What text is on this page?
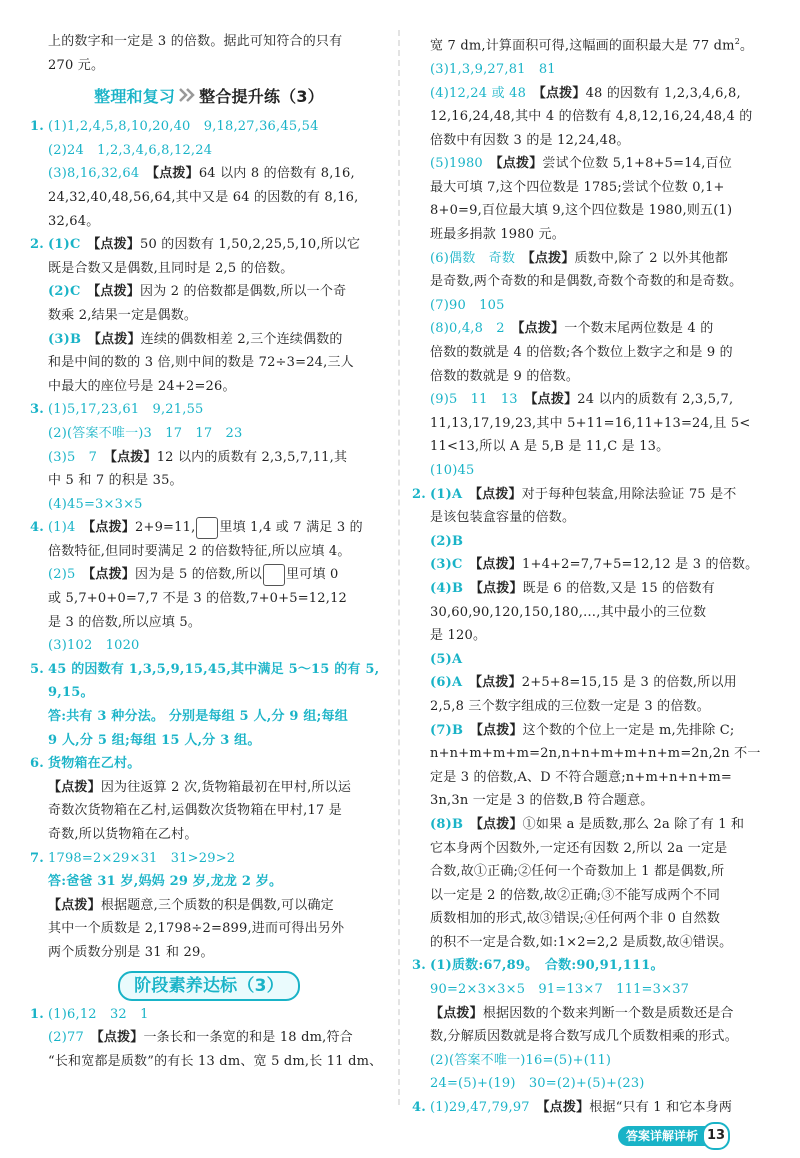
上的数字和一定是 3 的倍数。据此可知符合的只有
270 元。
整理和复习 整合提升练（3）
1. (1)1,2,4,5,8,10,20,40　9,18,27,36,45,54
(2)24　1,2,3,4,6,8,12,24
(3)8,16,32,64　 【点拨】64 以内 8 的倍数有 8,16,
24,32,40,48,56,64,其中又是 64 的因数的有 8,16,
32,64。
2. (1)C　 【点拨】50 的因数有 1,50,2,25,5,10,所以它
既是合数又是偶数,且同时是 2,5 的倍数。
(2)C　 【点拨】因为 2 的倍数都是偶数,所以一个奇
数乘 2,结果一定是偶数。
(3)B　 【点拨】连续的偶数相差 2,三个连续偶数的
和是中间的数的 3 倍,则中间的数是 72÷3=24,三人
中最大的座位号是 24+2=26。
3. (1)5,17,23,61　9,21,55
(2)(答案不唯一)3　17　17　23
(3)5　7　 【点拨】12 以内的质数有 2,3,5,7,11,其
中 5 和 7 的积是 35。
(4)45=3×3×5
4. (1)4　 【点拨】2+9=11, 里填 1,4 或 7 满足 3 的
倍数特征,但同时要满足 2 的倍数特征,所以应填 4。
(2)5　 【点拨】因为是 5 的倍数,所以 里可填 0
或 5,7+0+0=7,7 不是 3 的倍数,7+0+5=12,12
是 3 的倍数,所以应填 5。
(3)102　1020
5. 45 的因数有 1,3,5,9,15,45,其中满足 5～15 的有 5,
9,15。
答:共有 3 种分法。 分别是每组 5 人,分 9 组;每组
9 人,分 5 组;每组 15 人,分 3 组。
6. 货物箱在乙村。
【点拨】因为往返算 2 次,货物箱最初在甲村,所以运
奇数次货物箱在乙村,运偶数次货物箱在甲村,17 是
奇数,所以货物箱在乙村。
7. 1798=2×29×31　31>29>2
答:爸爸 31 岁,妈妈 29 岁,龙龙 2 岁。
【点拨】根据题意,三个质数的积是偶数,可以确定
其中一个质数是 2,1798÷2=899,进而可得出另外
两个质数分别是 31 和 29。
阶段素养达标（3）
1. (1)6,12　32　1
(2)77　 【点拨】一条长和一条宽的和是 18 dm,符合
“长和宽都是质数”的有长 13 dm、宽 5 dm,长 11 dm、
宽 7 dm,计算面积可得,这幅画的面积最大是 77 $dm^2$。
(3)1,3,9,27,81　81
(4)12,24 或 48　 【点拨】48 的因数有 1,2,3,4,6,8,
12,16,24,48,其中 4 的倍数有 4,8,12,16,24,48,4 的
倍数中有因数 3 的是 12,24,48。
(5)1980　 【点拨】尝试个位数 5,1+8+5=14,百位
最大可填 7,这个四位数是 1785;尝试个位数 0,1+
8+0=9,百位最大填 9,这个四位数是 1980,则五(1)
班最多捐款 1980 元。
(6)偶数　奇数　 【点拨】质数中,除了 2 以外其他都
是奇数,两个奇数的和是偶数,奇数个奇数的和是奇数。
(7)90　105
(8)0,4,8　2　 【点拨】一个数末尾两位数是 4 的
倍数的数就是 4 的倍数;各个数位上数字之和是 9 的
倍数的数就是 9 的倍数。
(9)5　11　13　 【点拨】24 以内的质数有 2,3,5,7,
11,13,17,19,23,其中 5+11=16,11+13=24,且 5<
11<13,所以 A 是 5,B 是 11,C 是 13。
(10)45
2. (1)A　 【点拨】对于每种包装盒,用除法验证 75 是不
是该包装盒容量的倍数。
(2)B
(3)C　 【点拨】1+4+2=7,7+5=12,12 是 3 的倍数。
(4)B　 【点拨】既是 6 的倍数,又是 15 的倍数有
30,60,90,120,150,180,…,其中最小的三位数
是 120。
(5)A
(6)A　 【点拨】2+5+8=15,15 是 3 的倍数,所以用
2,5,8 三个数字组成的三位数一定是 3 的倍数。
(7)B　 【点拨】这个数的个位上一定是 m,先排除 C;
n+n+m+m+m=2n,n+n+m+m+n+m=2n,2n 不一
定是 3 的倍数,A、D 不符合题意;n+m+n+n+m=
3n,3n 一定是 3 的倍数,B 符合题意。
(8)B　 【点拨】①如果 a 是质数,那么 2a 除了有 1 和
它本身两个因数外,一定还有因数 2,所以 2a 一定是
合数,故①正确;②任何一个奇数加上 1 都是偶数,所
以一定是 2 的倍数,故②正确;③不能写成两个不同
质数相加的形式,故③错误;④任何两个非 0 自然数
的积不一定是合数,如:1×2=2,2 是质数,故④错误。
3. (1)质数:67,89。　合数:90,91,111。
90=2×3×3×5　91=13×7　111=3×37
【点拨】根据因数的个数来判断一个数是质数还是合
数,分解质因数就是将合数写成几个质数相乘的形式。
(2)(答案不唯一)16=(5)+(11)
24=(5)+(19)　30=(2)+(5)+(23)
4. (1)29,47,79,97　 【点拨】根据“只有 1 和它本身两
答案详解详析 13
